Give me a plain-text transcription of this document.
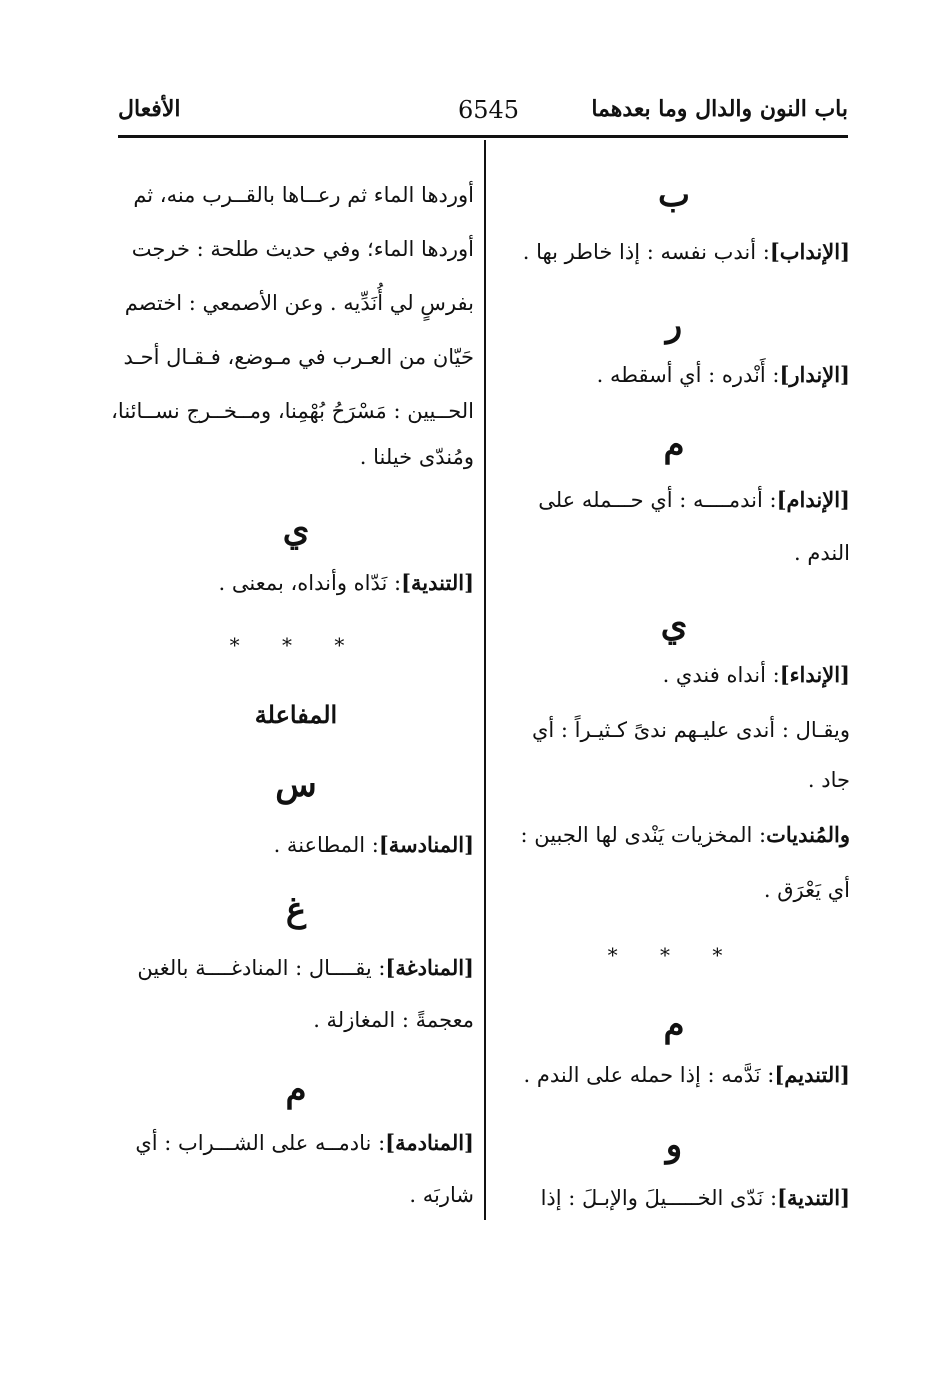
باب النون والدال وما بعدهما
6545
الأفعال
ب
[الإنداب]: أندب نفسه : إذا خاطر بها .
ر
[الإندار]: أَنْدره : أي أسقطه .
م
[الإندام]: أندمــــه : أي حـــمله على
الندم .
ي
[الإنداء]: أنداه فندي .
ويقـال : أندى عليـهم ندىً كـثيـراً : أي
جاد .
والمُنديات: المخزيات يَنْدى لها الجبين :
أي يَعْرَق .
* * *
م
[التنديم]: نَدَّمه : إذا حمله على الندم .
و
[التندية]: نَدّى الخـــــيلَ والإبـلَ : إذا
أوردها الماء ثم رعــاها بالقــرب منه، ثم
أوردها الماء؛ وفي حديث طلحة : خرجت
بفرسٍ لي أُنَدِّيه . وعن الأصمعي : اختصم
حَيّان من العـرب في مـوضع، فـقـال أحـد
الحــيين : مَسْرَحُ بُهْمِنا، ومــخــرج نســائنا،
ومُندّى خيلنا .
ي
[التندية]: نَدّاه وأنداه، بمعنى .
* * *
المفاعلة
س
[المنادسة]: المطاعنة .
غ
[المنادغة]: يقــــال : المنادغــــة بالغين
معجمةً : المغازلة .
م
[المنادمة]: نادمــه على الشـــراب : أي
شاربَه .
